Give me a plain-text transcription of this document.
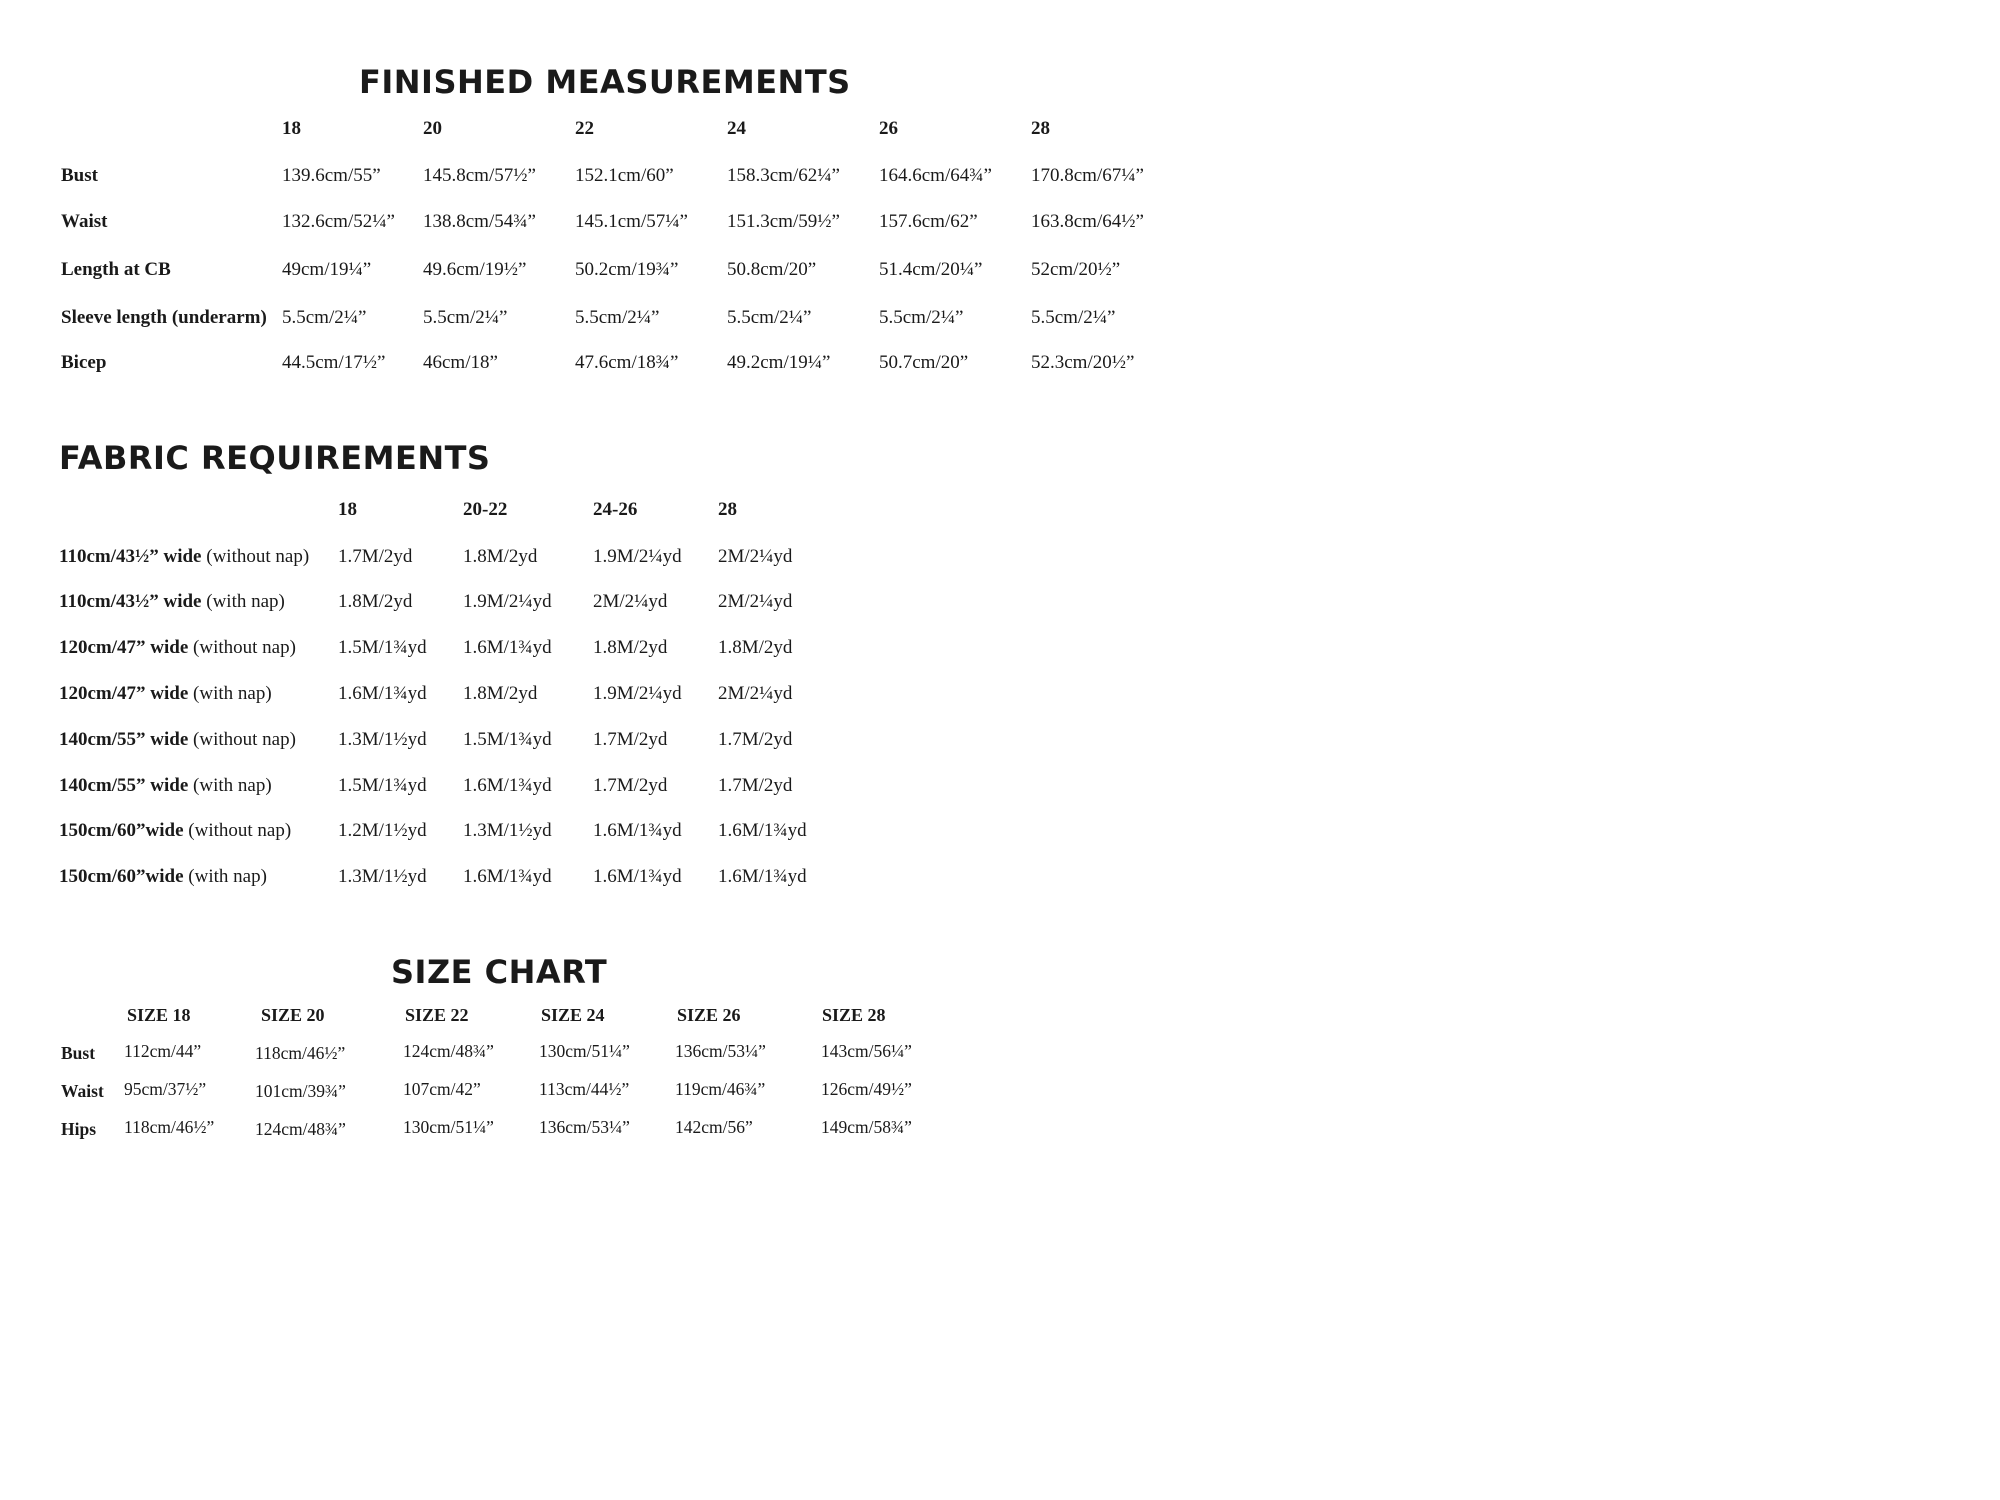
FINISHED MEASUREMENTS
18	20	22	24	26	28
Bust	139.6cm/55” 145.8cm/57½” 152.1cm/60”	158.3cm/62¼” 164.6cm/64¾” 170.8cm/67¼”
Waist	132.6cm/52¼” 138.8cm/54¾” 145.1cm/57¼” 151.3cm/59½” 157.6cm/62”	163.8cm/64½”
Length at CB	49cm/19¼”	49.6cm/19½”	50.2cm/19¾”	50.8cm/20”	51.4cm/20¼”	52cm/20½”
Sleeve length (underarm) 5.5cm/2¼”	5.5cm/2¼”	5.5cm/2¼”	5.5cm/2¼”	5.5cm/2¼”	5.5cm/2¼”
Bicep	44.5cm/17½” 46cm/18”	47.6cm/18¾”	49.2cm/19¼”	50.7cm/20”	52.3cm/20½”
FABRIC REQUIREMENTS
18	20-22	24-26	28
110cm/43½” wide (without nap) 1.7M/2yd	1.8M/2yd	1.9M/2¼yd 2M/2¼yd
110cm/43½” wide (with nap)	1.8M/2yd	1.9M/2¼yd 2M/2¼yd	2M/2¼yd
120cm/47” wide (without nap) 1.5M/1¾yd 1.6M/1¾yd 1.8M/2yd	1.8M/2yd
120cm/47” wide (with nap)	1.6M/1¾yd 1.8M/2yd	1.9M/2¼yd 2M/2¼yd
140cm/55” wide (without nap) 1.3M/1½yd 1.5M/1¾yd 1.7M/2yd	1.7M/2yd
140cm/55” wide (with nap)	1.5M/1¾yd 1.6M/1¾yd 1.7M/2yd	1.7M/2yd
150cm/60”wide (without nap) 1.2M/1½yd 1.3M/1½yd 1.6M/1¾yd 1.6M/1¾yd
150cm/60”wide (with nap)	1.3M/1½yd 1.6M/1¾yd 1.6M/1¾yd 1.6M/1¾yd
SIZE CHART
SIZE 18	SIZE 20	SIZE 22	SIZE 24	SIZE 26	SIZE 28
Bust 112cm/44”	118cm/46½”	124cm/48¾”	130cm/51¼”	136cm/53¼”	143cm/56¼”
Waist 95cm/37½”	101cm/39¾”	107cm/42”	113cm/44½”	119cm/46¾”	126cm/49½”
Hips 118cm/46½” 124cm/48¾”	130cm/51¼”	136cm/53¼”	142cm/56”	149cm/58¾”
